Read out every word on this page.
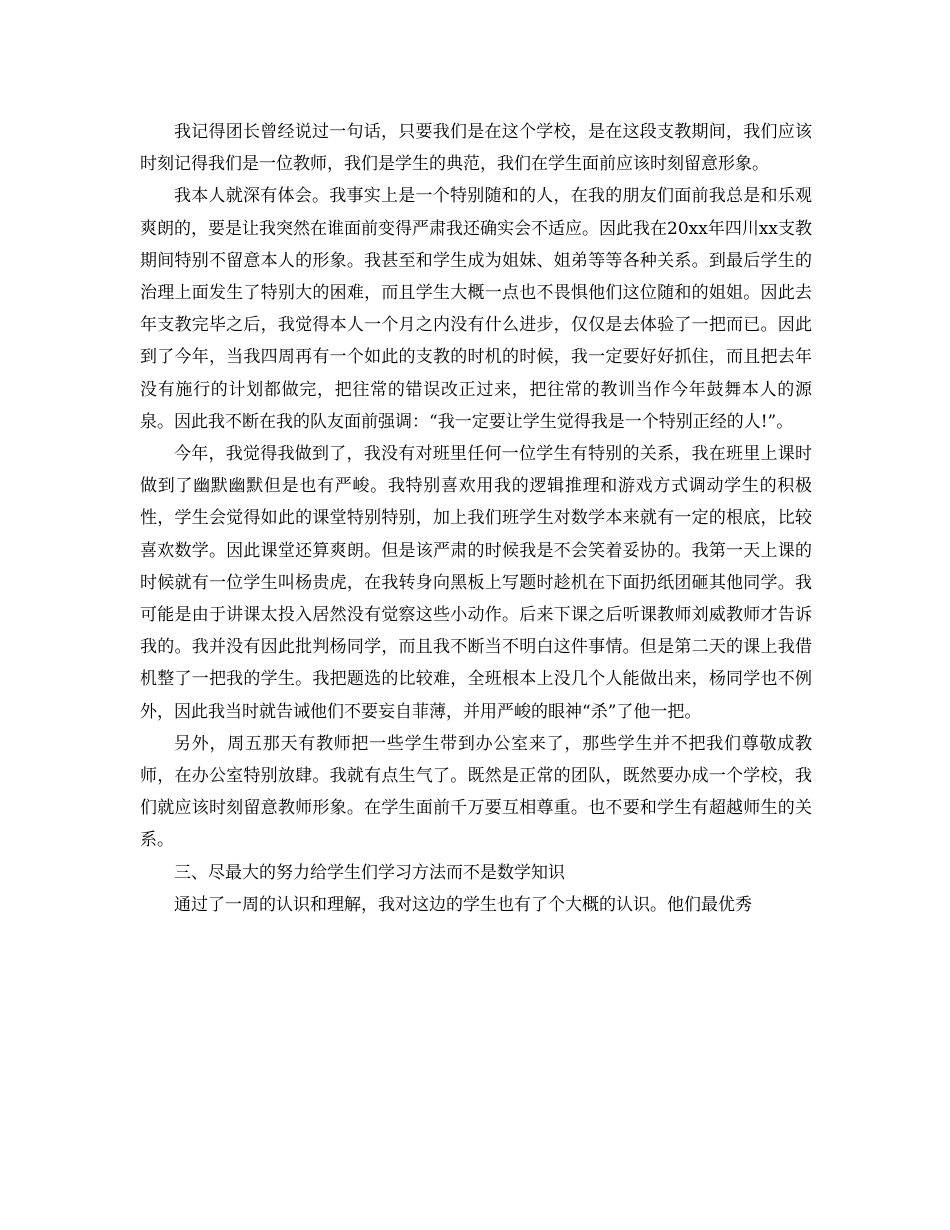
我记得团长曾经说过一句话，只要我们是在这个学校，是在这段支教期间，我们应该时刻记得我们是一位教师，我们是学生的典范，我们在学生面前应该时刻留意形象。

我本人就深有体会。我事实上是一个特别随和的人，在我的朋友们面前我总是和乐观爽朗的，要是让我突然在谁面前变得严肃我还确实会不适应。因此我在20xx年四川xx支教期间特别不留意本人的形象。我甚至和学生成为姐妹、姐弟等等各种关系。到最后学生的治理上面发生了特别大的困难，而且学生大概一点也不畏惧他们这位随和的姐姐。因此去年支教完毕之后，我觉得本人一个月之内没有什么进步，仅仅是去体验了一把而已。因此到了今年，当我四周再有一个如此的支教的时机的时候，我一定要好好抓住，而且把去年没有施行的计划都做完，把往常的错误改正过来，把往常的教训当作今年鼓舞本人的源泉。因此我不断在我的队友面前强调：“我一定要让学生觉得我是一个特别正经的人!”。

今年，我觉得我做到了，我没有对班里任何一位学生有特别的关系，我在班里上课时做到了幽默幽默但是也有严峻。我特别喜欢用我的逻辑推理和游戏方式调动学生的积极性，学生会觉得如此的课堂特别特别，加上我们班学生对数学本来就有一定的根底，比较喜欢数学。因此课堂还算爽朗。但是该严肃的时候我是不会笑着妥协的。我第一天上课的时候就有一位学生叫杨贵虎，在我转身向黑板上写题时趁机在下面扔纸团砸其他同学。我可能是由于讲课太投入居然没有觉察这些小动作。后来下课之后听课教师刘威教师才告诉我的。我并没有因此批判杨同学，而且我不断当不明白这件事情。但是第二天的课上我借机整了一把我的学生。我把题选的比较难，全班根本上没几个人能做出来，杨同学也不例外，因此我当时就告诫他们不要妄自菲薄，并用严峻的眼神“杀”了他一把。

另外，周五那天有教师把一些学生带到办公室来了，那些学生并不把我们尊敬成教师，在办公室特别放肆。我就有点生气了。既然是正常的团队，既然要办成一个学校，我们就应该时刻留意教师形象。在学生面前千万要互相尊重。也不要和学生有超越师生的关系。

三、尽最大的努力给学生们学习方法而不是数学知识

通过了一周的认识和理解，我对这边的学生也有了个大概的认识。他们最优秀
